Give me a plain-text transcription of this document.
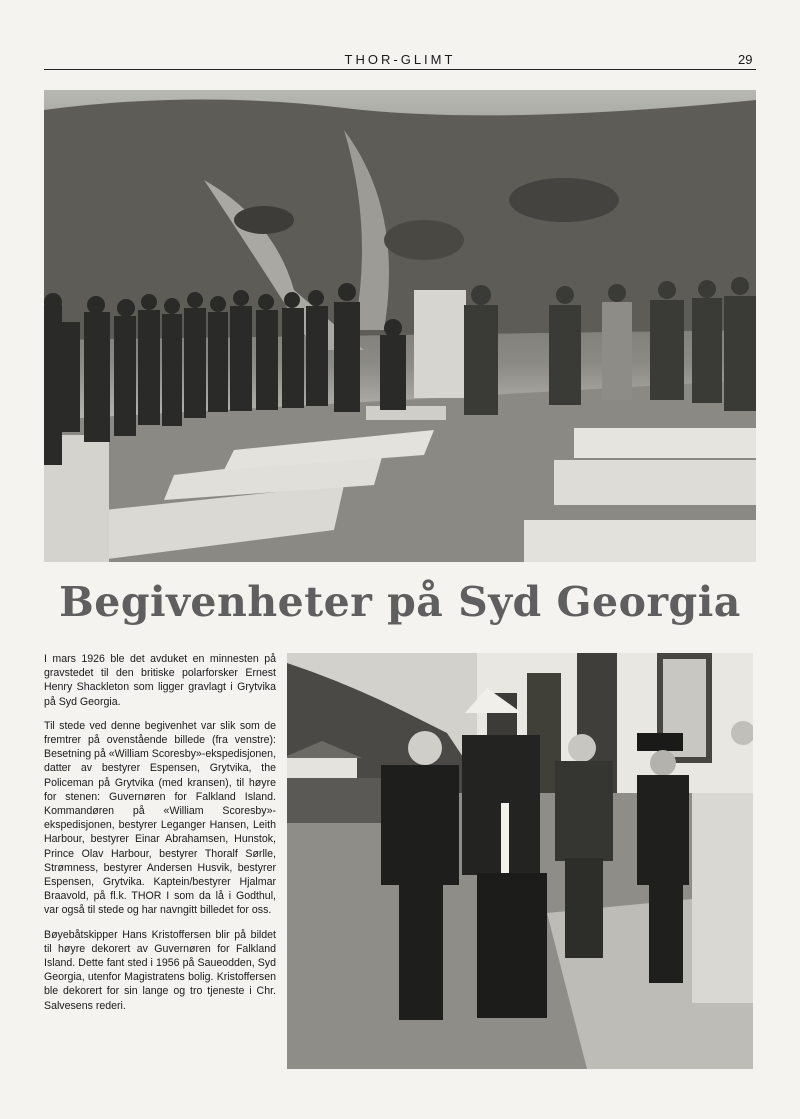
THOR-GLIMT	29
Begivenheter på Syd Georgia

I mars 1926 ble det avduket en minnesten på gravstedet til den britiske polarforsker Ernest Henry Shackleton som ligger gravlagt i Grytvika på Syd Georgia.

Til stede ved denne begivenhet var slik som de fremtrer på ovenstående billede (fra venstre): Besetning på «William Scoresby»-ekspedisjonen, datter av bestyrer Espensen, Grytvika, the Policeman på Grytvika (med kransen), til høyre for stenen: Guvernøren for Falkland Island. Kommandøren på «William Scoresby»- ekspedisjonen, bestyrer Leganger Hansen, Leith Harbour, bestyrer Einar Abrahamsen, Hunstok, Prince Olav Harbour, bestyrer Thoralf Sørlle, Strømness, bestyrer Andersen Husvik, bestyrer Espensen, Grytvika. Kaptein/bestyrer Hjalmar Braavold, på fl.k. THOR I som da lå i Godthul, var også til stede og har navngitt billedet for oss.

Bøyebåtskipper Hans Kristoffersen blir på bildet til høyre dekorert av Guvernøren for Falkland Island. Dette fant sted i 1956 på Saueodden, Syd Georgia, utenfor Magistratens bolig. Kristoffersen ble dekorert for sin lange og tro tjeneste i Chr. Salvesens rederi.
